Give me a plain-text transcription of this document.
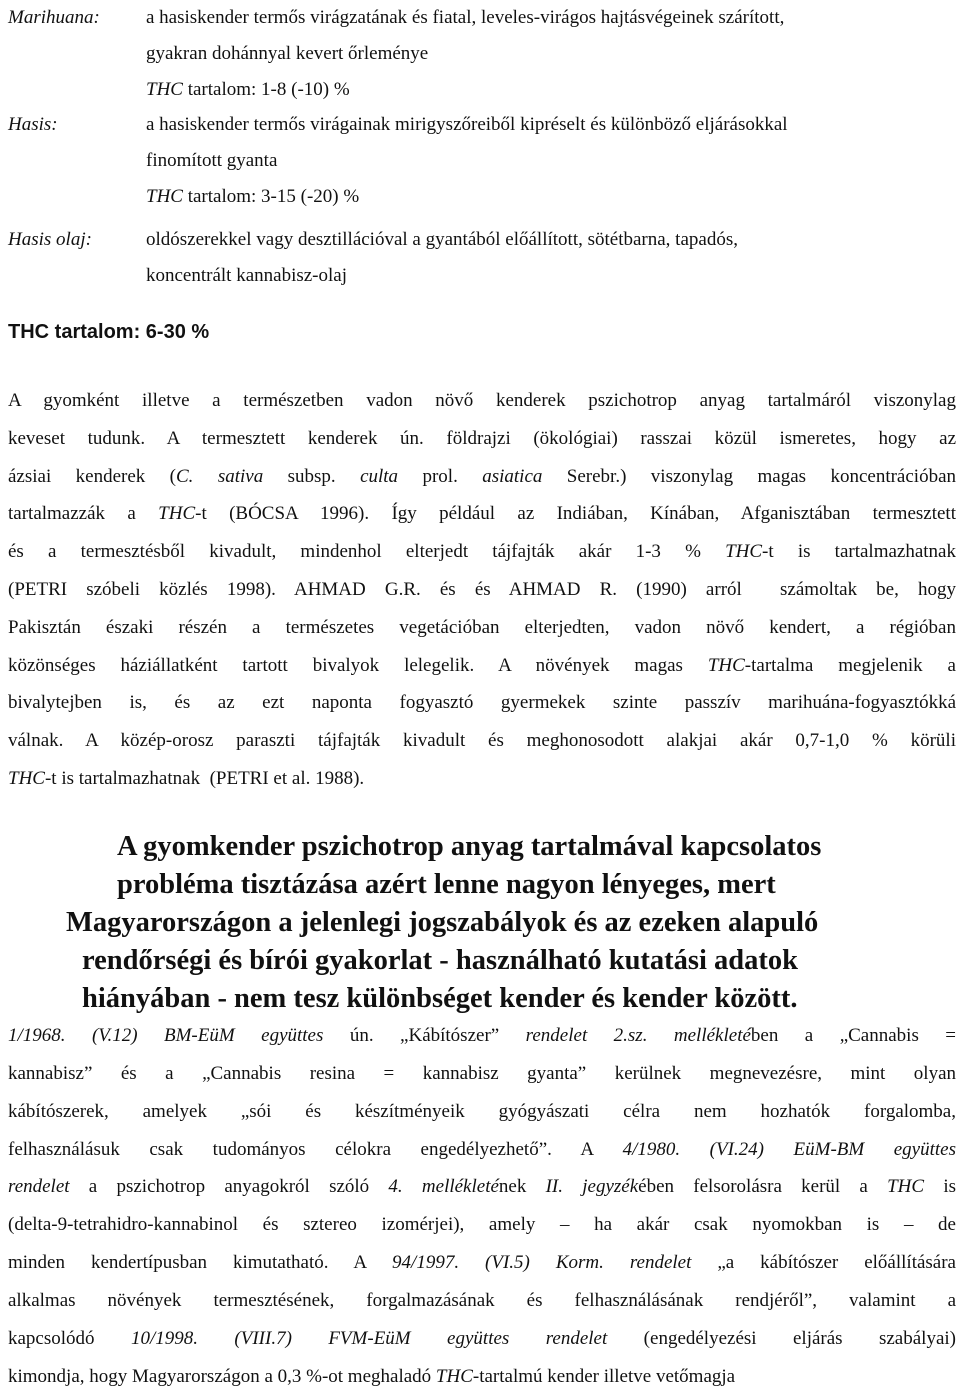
Marihuana: a hasiskender termős virágzatának és fiatal, leveles-virágos hajtásvégeinek szárított,
gyakran dohánnyal kevert őrleménye
THC tartalom: 1-8 (-10) %
Hasis:	a hasiskender termős virágainak mirigyszőreiből kipréselt és különböző eljárásokkal
finomított gyanta
THC tartalom: 3-15 (-20) %
Hasis olaj:	oldószerekkel vagy desztillációval a gyantából előállított, sötétbarna, tapadós,
koncentrált kannabisz-olaj
THC tartalom: 6-30 %
A gyomként illetve a természetben vadon növő kenderek pszichotrop anyag tartalmáról viszonylag
keveset tudunk. A termesztett kenderek ún. földrajzi (ökológiai) rasszai közül ismeretes, hogy az
ázsiai kenderek (C. sativa subsp. culta prol. asiatica Serebr.) viszonylag magas koncentrációban
tartalmazzák a THC-t (BÓCSA 1996). Így például az Indiában, Kínában, Afganisztában termesztett
és a termesztésből kivadult, mindenhol elterjedt tájfajták akár 1-3 % THC-t is tartalmazhatnak
(PETRI szóbeli közlés 1998). AHMAD G.R. és és AHMAD R. (1990) arról  számoltak be, hogy
Pakisztán északi részén a természetes vegetációban elterjedten, vadon növő kendert, a régióban
közönséges háziállatként tartott bivalyok lelegelik. A növények magas THC-tartalma megjelenik a
bivalytejben is, és az ezt naponta fogyasztó gyermekek szinte passzív marihuána-fogyasztókká
válnak. A közép-orosz paraszti tájfajták kivadult és meghonosodott alakjai akár 0,7-1,0 % körüli
THC-t is tartalmazhatnak  (PETRI et al. 1988).
A gyomkender pszichotrop anyag tartalmával kapcsolatos
probléma tisztázása azért lenne nagyon lényeges, mert
Magyarországon a jelenlegi jogszabályok és az ezeken alapuló
rendőrségi és bírói gyakorlat - használható kutatási adatok
hiányában - nem tesz különbséget kender és kender között.
1/1968. (V.12) BM-EüM együttes ún. „Kábítószer” rendelet 2.sz. mellékletében a „Cannabis =
kannabisz” és a „Cannabis resina = kannabisz gyanta” kerülnek megnevezésre, mint olyan
kábítószerek, amelyek „sói és készítményeik gyógyászati célra nem hozhatók forgalomba,
felhasználásuk csak tudományos célokra engedélyezhető”. A 4/1980. (VI.24) EüM-BM együttes
rendelet a pszichotrop anyagokról szóló 4. mellékletének II. jegyzékében felsorolásra kerül a THC is
(delta-9-tetrahidro-kannabinol és sztereo izomérjei), amely – ha akár csak nyomokban is – de
minden kendertípusban kimutatható. A 94/1997. (VI.5) Korm. rendelet „a kábítószer előállítására
alkalmas növények termesztésének, forgalmazásának és felhasználásának rendjéről”, valamint a
kapcsolódó 10/1998. (VIII.7) FVM-EüM együttes rendelet (engedélyezési eljárás szabályai)
kimondja, hogy Magyarországon a 0,3 %-ot meghaladó THC-tartalmú kender illetve vetőmagja
